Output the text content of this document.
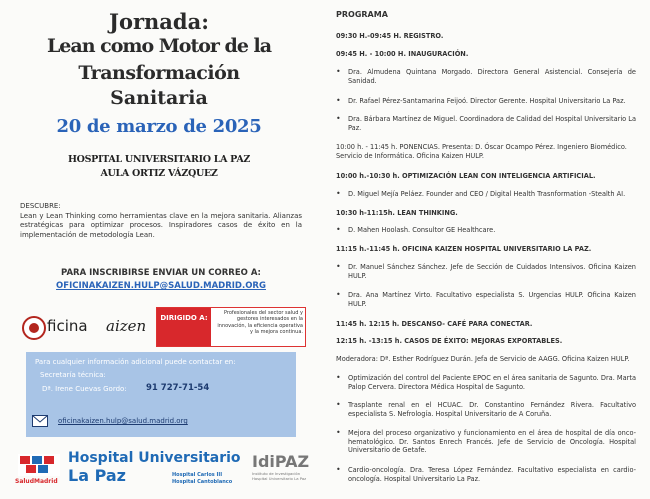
Jornada:
Lean como Motor de la
Transformación
Sanitaria
20 de marzo de 2025
HOSPITAL UNIVERSITARIO LA PAZ
AULA ORTIZ VÁZQUEZ
DESCUBRE:
Lean y Lean Thinking como herramientas clave en la mejora sanitaria. Alianzas estratégicas para optimizar procesos. Inspiradores casos de éxito en la implementación de metodología Lean.
PARA INSCRIBIRSE ENVIAR UN CORREO A:
OFICINAKAIZEN.HULP@SALUD.MADRID.ORG
ficina aizen	DIRIGIDO A:
Profesionales del sector salud y gestores interesados en la innovación, la eficiencia operativa y la mejora continua.
Para cualquier información adicional puede contactar en:
Secretaría técnica:
Dª. Irene Cuevas Gordo: 91 727-71-54
oficinakaizen.hulp@salud.madrid.org
SaludMadrid
Hospital Universitario
La Paz	Hospital Carlos III
Hospital Cantoblanco
IdiPAZ
Instituto de Investigación Hospital Universitario La Paz
PROGRAMA
09:30 H.-09:45 H. REGISTRO.
09:45 H. - 10:00 H. INAUGURACIÓN.
• Dra. Almudena Quintana Morgado. Directora General Asistencial. Consejería de Sanidad.
• Dr. Rafael Pérez-Santamarina Feijoó. Director Gerente. Hospital Universitario La Paz.
• Dra. Bárbara Martínez de Miguel. Coordinadora de Calidad del Hospital Universitario La Paz.
10:00 h. - 11:45 h. PONENCIAS. Presenta: D. Óscar Ocampo Pérez. Ingeniero Biomédico. Servicio de Informática. Oficina Kaizen HULP.
10:00 h.-10:30 h. OPTIMIZACIÓN LEAN CON INTELIGENCIA ARTIFICIAL.
• D. Miguel Mejía Peláez. Founder and CEO / Digital Health Trasnformation -Stealth AI.
10:30 h-11:15h. LEAN THINKING.
• D. Mahen Hoolash. Consultor GE Healthcare.
11:15 h.-11:45 h. OFICINA KAIZEN HOSPITAL UNIVERSITARIO LA PAZ.
• Dr. Manuel Sánchez Sánchez. Jefe de Sección de Cuidados Intensivos. Oficina Kaizen HULP.
• Dra. Ana Martínez Virto. Facultativo especialista S. Urgencias HULP. Oficina Kaizen HULP.
11:45 h. 12:15 h. DESCANSO- CAFÉ PARA CONECTAR.
12:15 h. -13:15 h. CASOS DE ÉXITO: MEJORAS EXPORTABLES.
Moderadora: Dª. Esther Rodríguez Durán. Jefa de Servicio de AAGG. Oficina Kaizen HULP.
• Optimización del control del Paciente EPOC en el área sanitaria de Sagunto. Dra. Marta Palop Cervera. Directora Médica Hospital de Sagunto.
• Trasplante renal en el HCUAC. Dr. Constantino Fernández Rivera. Facultativo especialista S. Nefrología. Hospital Universitario de A Coruña.
• Mejora del proceso organizativo y funcionamiento en el área de hospital de día onco-hematológico. Dr. Santos Enrech Francés. Jefe de Servicio de Oncología. Hospital Universitario de Getafe.
• Cardio-oncología. Dra. Teresa López Fernández. Facultativo especialista en cardio-oncología. Hospital Universitario La Paz.
